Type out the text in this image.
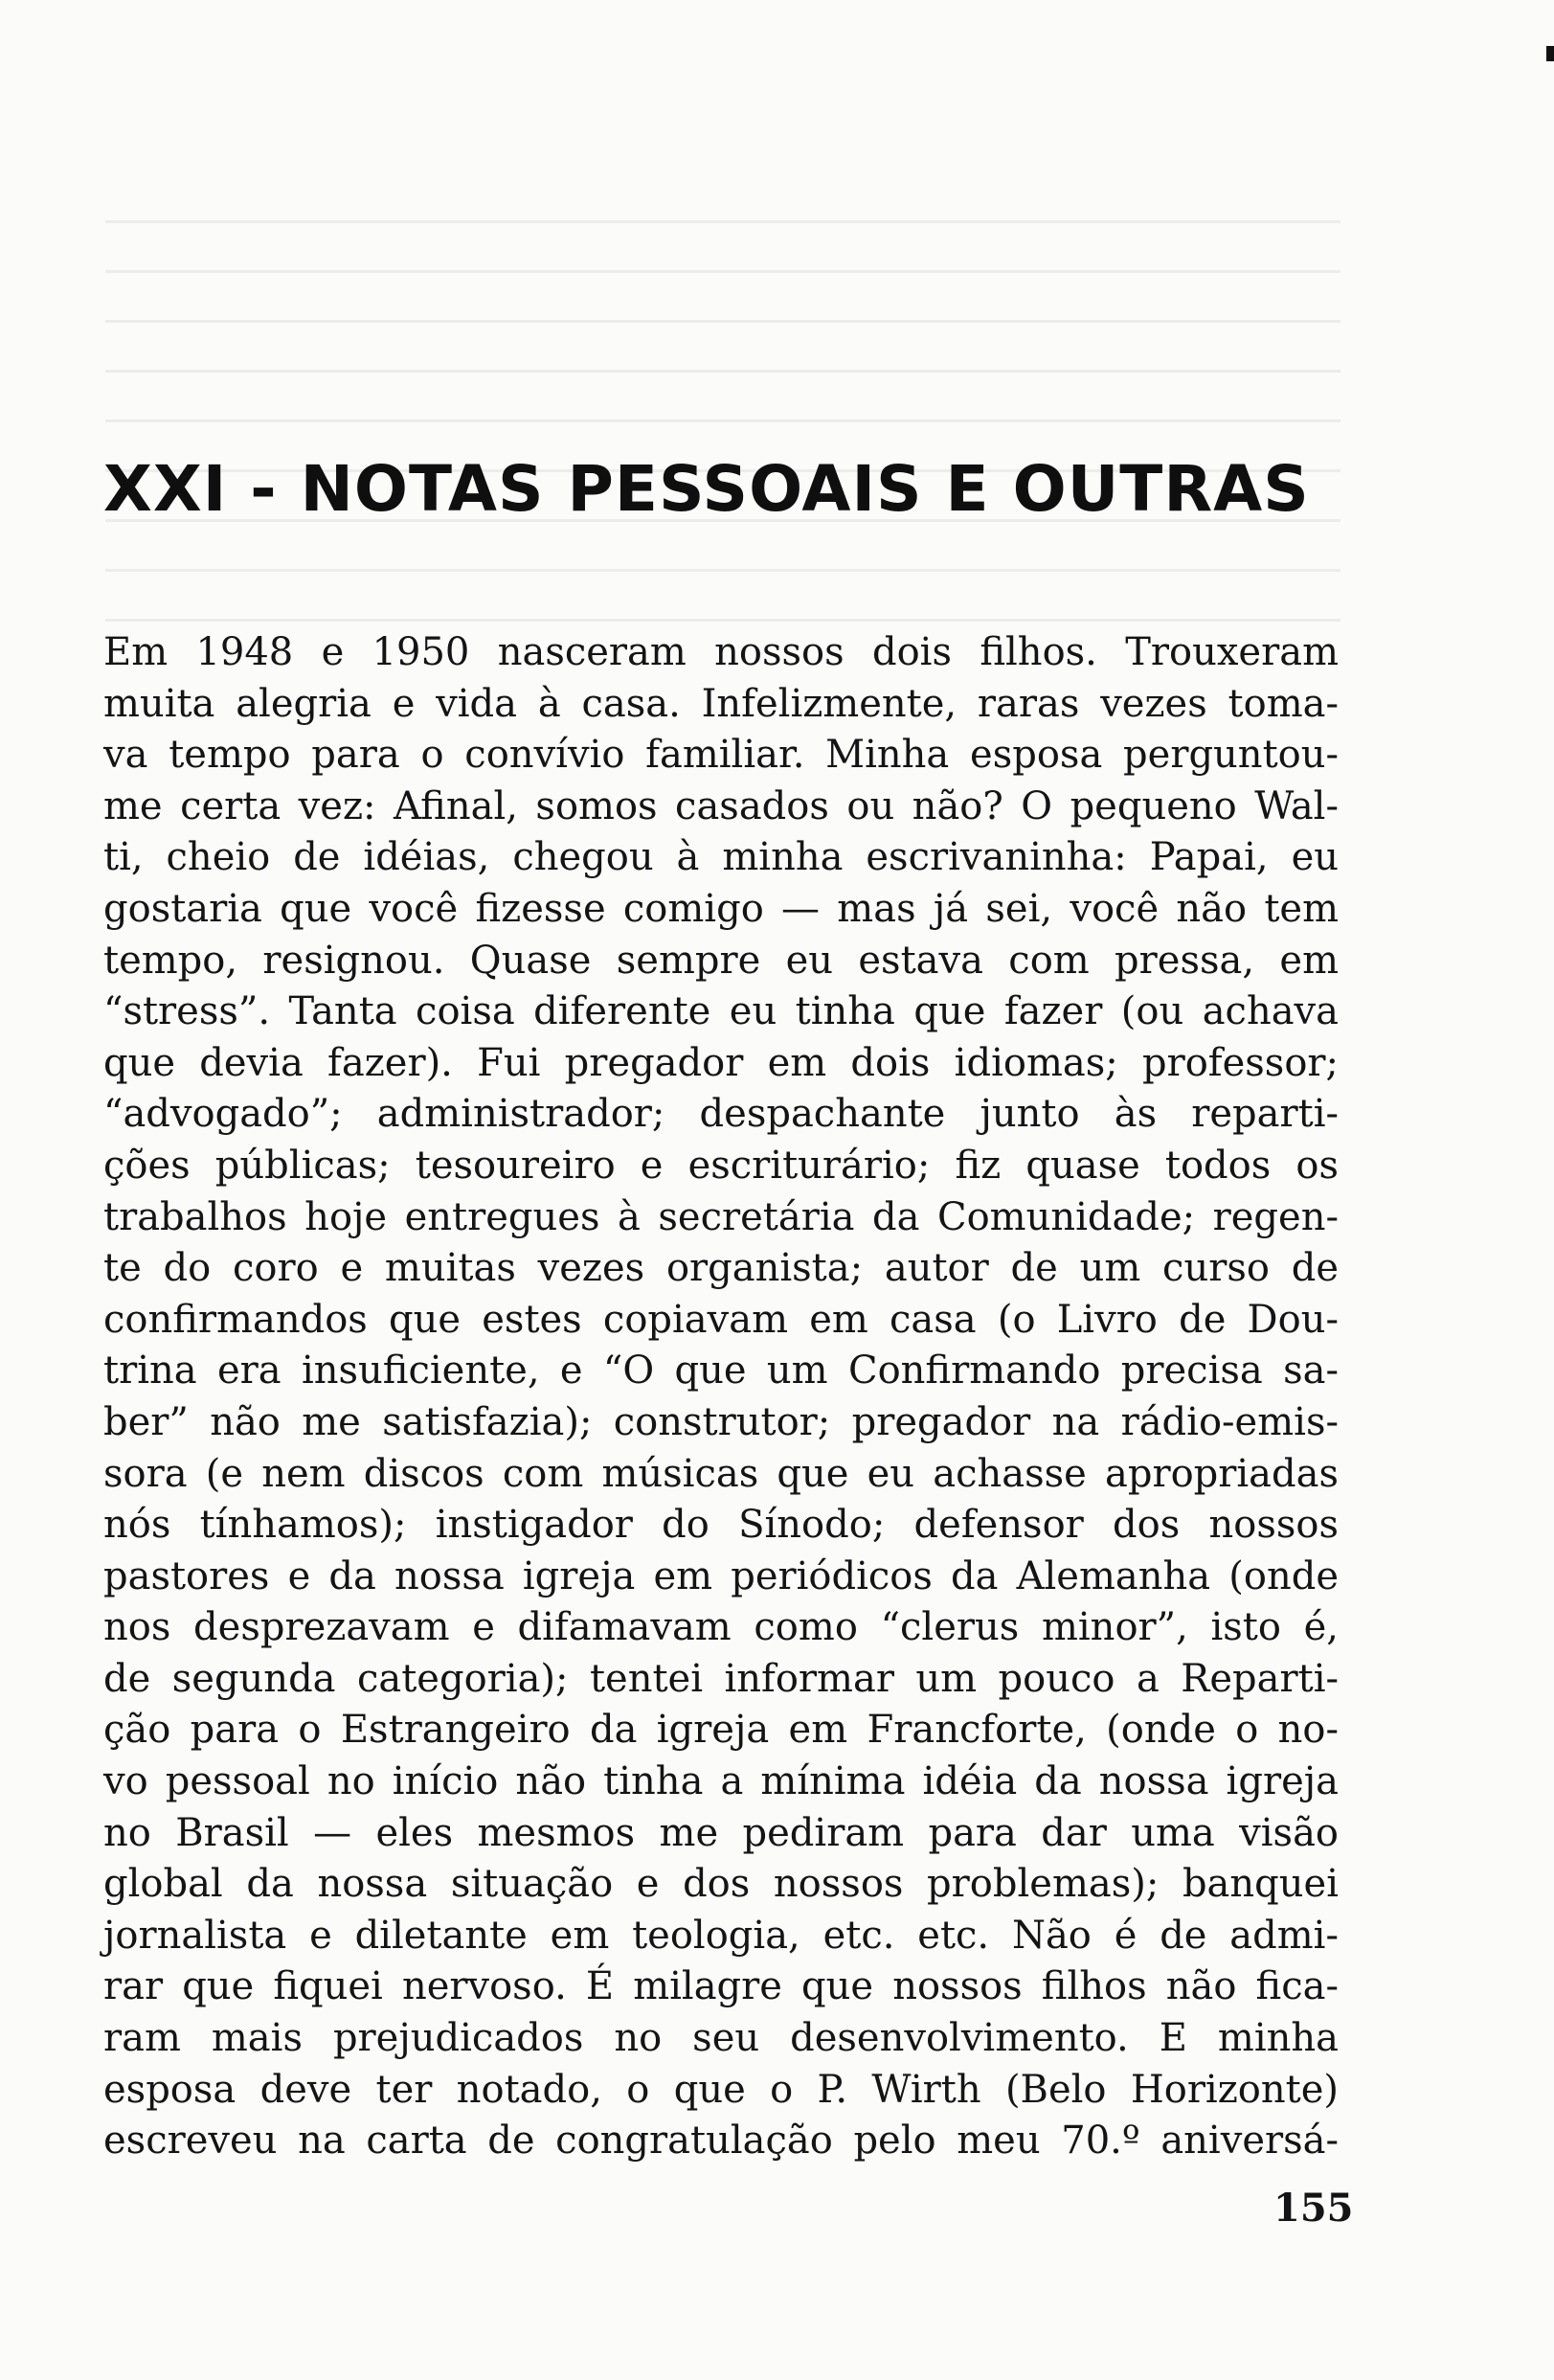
XXI - NOTAS PESSOAIS E OUTRAS
Em 1948 e 1950 nasceram nossos dois filhos. Trouxeram
muita alegria e vida à casa. Infelizmente, raras vezes toma-
va tempo para o convívio familiar. Minha esposa perguntou-
me certa vez: Afinal, somos casados ou não? O pequeno Wal-
ti, cheio de idéias, chegou à minha escrivaninha: Papai, eu
gostaria que você fizesse comigo — mas já sei, você não tem
tempo, resignou. Quase sempre eu estava com pressa, em
“stress”. Tanta coisa diferente eu tinha que fazer (ou achava
que devia fazer). Fui pregador em dois idiomas; professor;
“advogado”; administrador; despachante junto às reparti-
ções públicas; tesoureiro e escriturário; fiz quase todos os
trabalhos hoje entregues à secretária da Comunidade; regen-
te do coro e muitas vezes organista; autor de um curso de
confirmandos que estes copiavam em casa (o Livro de Dou-
trina era insuficiente, e “O que um Confirmando precisa sa-
ber” não me satisfazia); construtor; pregador na rádio-emis-
sora (e nem discos com músicas que eu achasse apropriadas
nós tínhamos); instigador do Sínodo; defensor dos nossos
pastores e da nossa igreja em periódicos da Alemanha (onde
nos desprezavam e difamavam como “clerus minor”, isto é,
de segunda categoria); tentei informar um pouco a Reparti-
ção para o Estrangeiro da igreja em Francforte, (onde o no-
vo pessoal no início não tinha a mínima idéia da nossa igreja
no Brasil — eles mesmos me pediram para dar uma visão
global da nossa situação e dos nossos problemas); banquei
jornalista e diletante em teologia, etc. etc. Não é de admi-
rar que fiquei nervoso. É milagre que nossos filhos não fica-
ram mais prejudicados no seu desenvolvimento. E minha
esposa deve ter notado, o que o P. Wirth (Belo Horizonte)
escreveu na carta de congratulação pelo meu 70.º aniversá-
155
